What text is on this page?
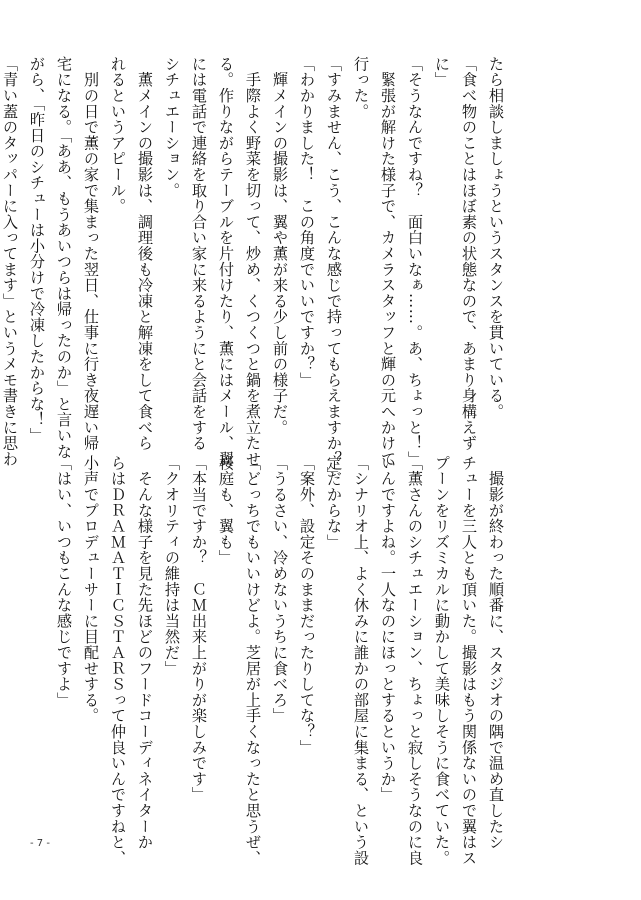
たら相談しましょうというスタンスを貫いている。
「食べ物のことはほぼ素の状態なので、あまり身構えず
に」
「そうなんですね？　面白いなぁ……。あ、ちょっと！」
　緊張が解けた様子で、カメラスタッフと輝の元へかけて
行った。
「すみません、こう、こんな感じで持ってもらえますか？」
「わかりました！　この角度でいいですか？」
　輝メインの撮影は、翼や薫が来る少し前の様子だ。
　手際よく野菜を切って、炒め、くつくつと鍋を煮立たせ
る。作りながらテーブルを片付けたり、薫にはメール、翼
には電話で連絡を取り合い家に来るようにと会話をする
シチュエーション。
　薫メインの撮影は、調理後も冷凍と解凍をして食べら
れるというアピール。
　別の日で薫の家で集まった翌日、仕事に行き夜遅い帰
宅になる。「ああ、もうあいつらは帰ったのか」と言いな
がら、「昨日のシチューは小分けで冷凍したからな！」
「青い蓋のタッパーに入ってます」というメモ書きに思わ
　撮影が終わった順番に、スタジオの隅で温め直したシ
チューを三人とも頂いた。撮影はもう関係ないので翼はス
プーンをリズミカルに動かして美味しそうに食べていた。
「薫さんのシチュエーション、ちょっと寂しそうなのに良
いんですよね。一人なのにほっとするというか」
「シナリオ上、よく休みに誰かの部屋に集まる、という設
定だからな」
「案外、設定そのままだったりしてな？」
「うるさい、冷めないうちに食べろ」
「どっちでもいいけどよ。芝居が上手くなったと思うぜ、
桜庭も、翼も」
「本当ですか？　ＣＭ出来上がりが楽しみです」
「クオリティの維持は当然だ」
　そんな様子を見た先ほどのフードコーディネイターか
らはＤＲＡＭＡＴＩＣＳＴＡＲＳって仲良いんですねと、
小声でプロデューサーに目配せする。
「はい、いつもこんな感じですよ」
- 7 -
